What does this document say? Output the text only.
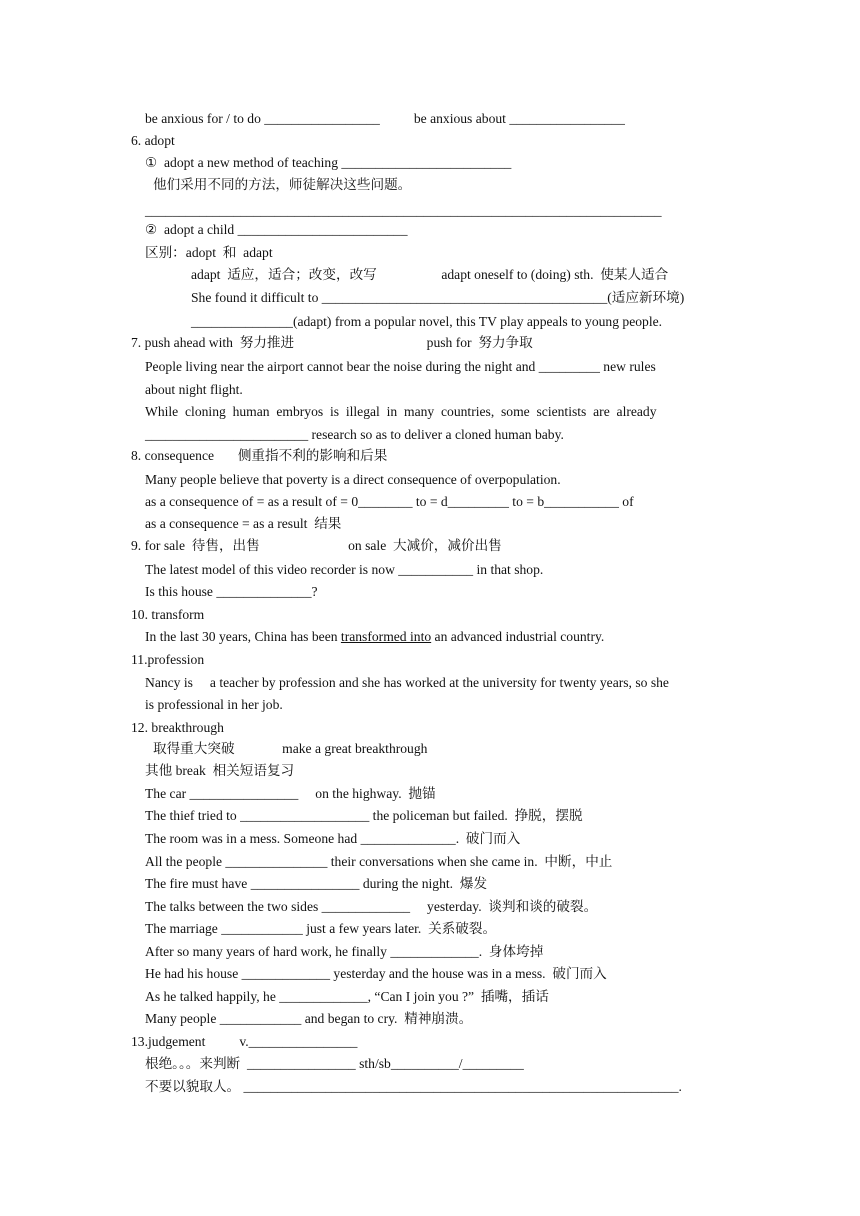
be anxious for / to do _________________          be anxious about _________________
6. adopt
①  adopt a new method of teaching _________________________
他们采用不同的方法，师徒解决这些问题。
____________________________________________________________________________
②  adopt a child _________________________
区别：adopt  和  adapt
adapt  适应，适合；改变，改写                   adapt oneself to (doing) sth.  使某人适合
She found it difficult to __________________________________________(适应新环境)
_______________(adapt) from a popular novel, this TV play appeals to young people.
7. push ahead with  努力推进                                       push for  努力争取
People living near the airport cannot bear the noise during the night and _________ new rules
about night flight.
While  cloning  human  embryos  is  illegal  in  many  countries,  some  scientists  are  already
________________________ research so as to deliver a cloned human baby.
8. consequence       侧重指不利的影响和后果
Many people believe that poverty is a direct consequence of overpopulation.
as a consequence of = as a result of = 0________ to = d_________ to = b___________ of
as a consequence = as a result  结果
9. for sale  待售，出售                          on sale  大减价，减价出售
The latest model of this video recorder is now ___________ in that shop.
Is this house ______________?
10. transform
In the last 30 years, China has been transformed into an advanced industrial country.
11.profession
Nancy is     a teacher by profession and she has worked at the university for twenty years, so she
is professional in her job.
12. breakthrough
取得重大突破              make a great breakthrough
其他 break  相关短语复习
The car ________________     on the highway.  抛锚
The thief tried to ___________________ the policeman but failed.  挣脱，摆脱
The room was in a mess. Someone had ______________.  破门而入
All the people _______________ their conversations when she came in.  中断，中止
The fire must have ________________ during the night.  爆发
The talks between the two sides _____________     yesterday.  谈判和谈的破裂。
The marriage ____________ just a few years later.  关系破裂。
After so many years of hard work, he finally _____________.  身体垮掉
He had his house _____________ yesterday and the house was in a mess.  破门而入
As he talked happily, he _____________, “Can I join you ?”  插嘴，插话
Many people ____________ and began to cry.  精神崩溃。
13.judgement          v.________________
根绝。。。来判断  ________________ sth/sb__________/_________
不要以貌取人。 ________________________________________________________________.
